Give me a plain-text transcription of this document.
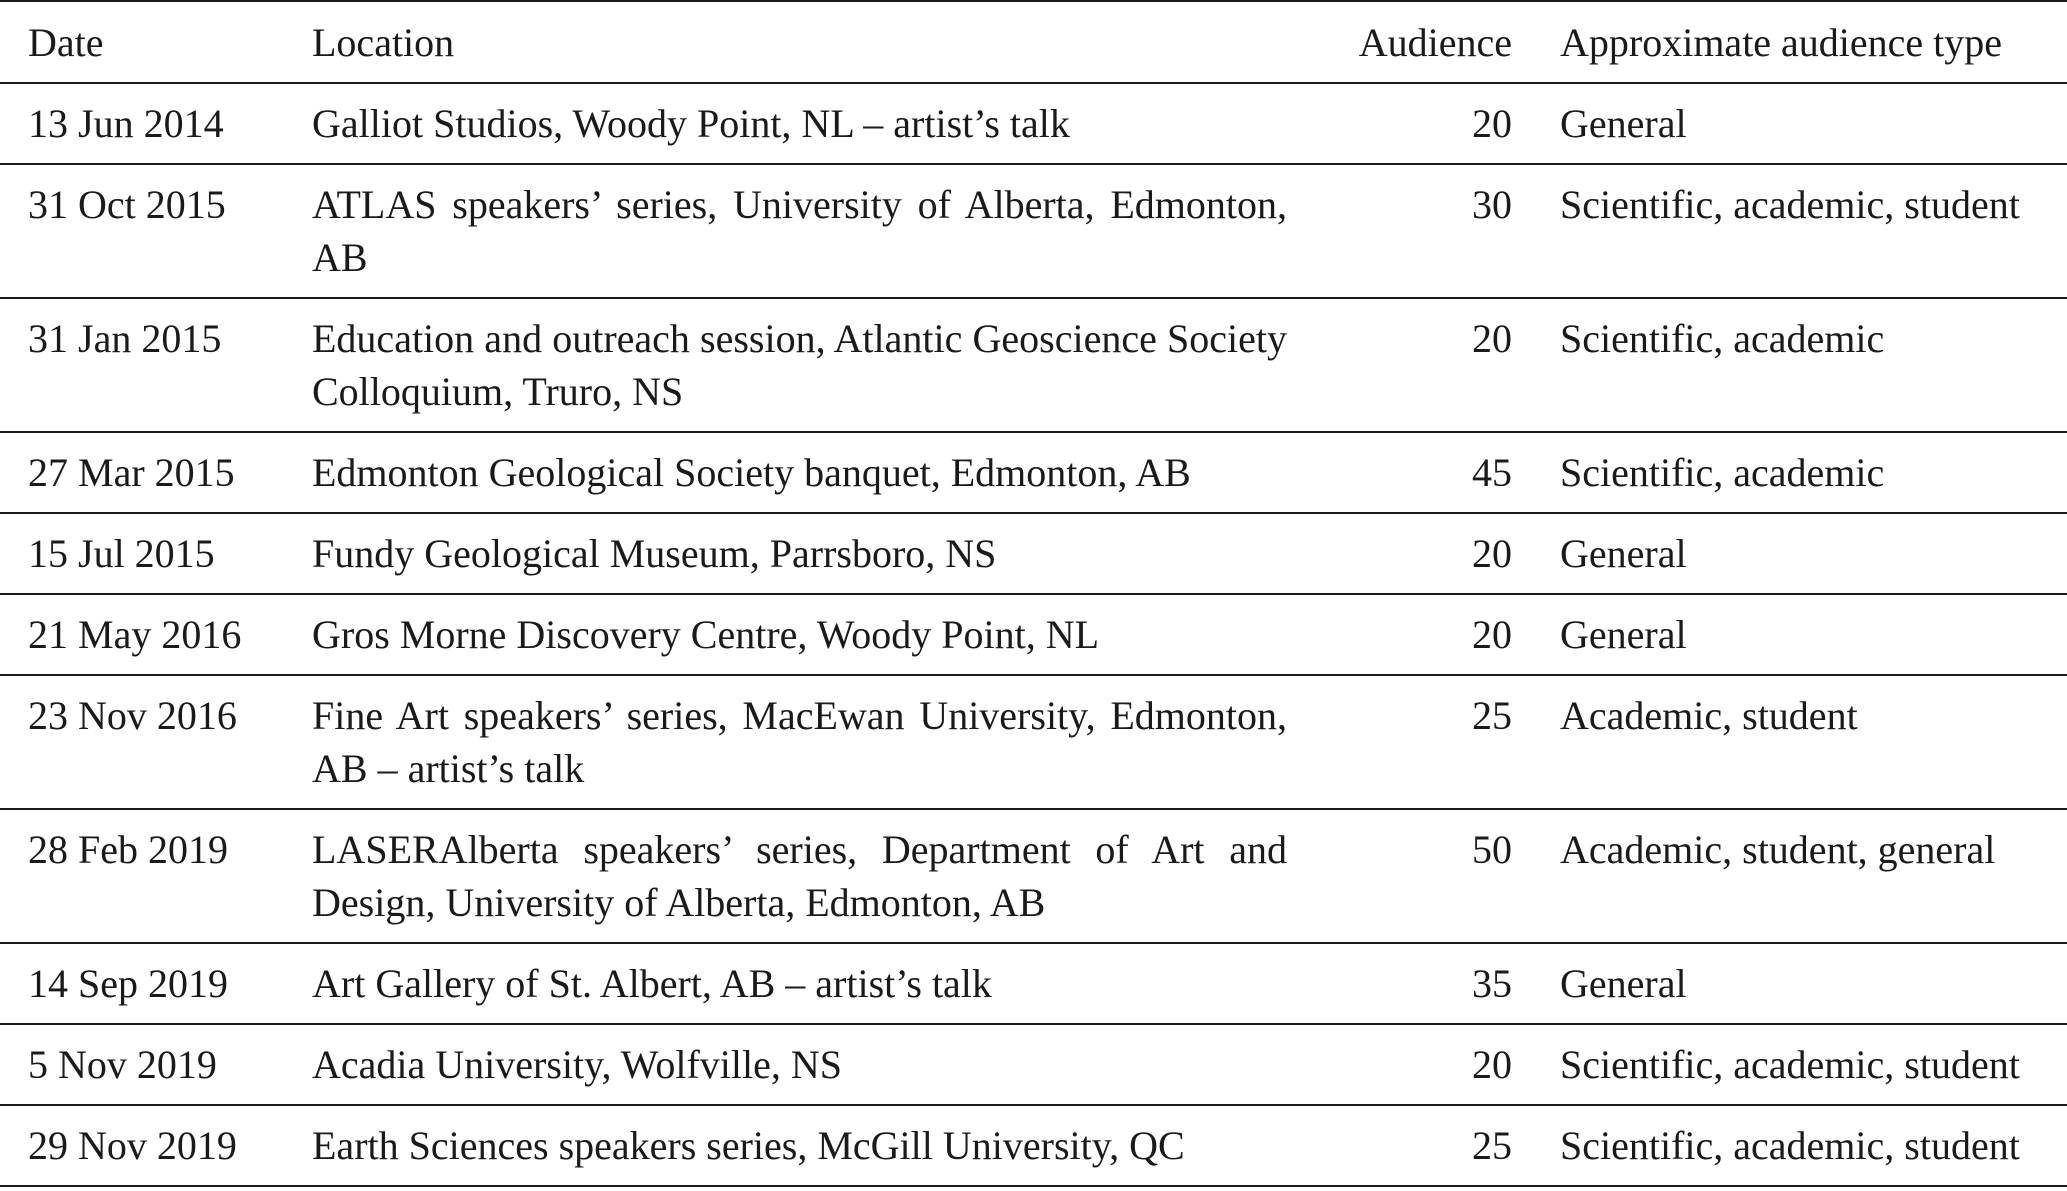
Date	Location	Audience	Approximate audience type
13 Jun 2014	Galliot Studios, Woody Point, NL – artist’s talk	20	General
31 Oct 2015	ATLAS speakers’ series, University of Alberta, Edmonton, AB	30	Scientific, academic, student
31 Jan 2015	Education and outreach session, Atlantic Geoscience Society Colloquium, Truro, NS	20	Scientific, academic
27 Mar 2015	Edmonton Geological Society banquet, Edmonton, AB	45	Scientific, academic
15 Jul 2015	Fundy Geological Museum, Parrsboro, NS	20	General
21 May 2016	Gros Morne Discovery Centre, Woody Point, NL	20	General
23 Nov 2016	Fine Art speakers’ series, MacEwan University, Edmonton, AB – artist’s talk	25	Academic, student
28 Feb 2019	LASERAlberta speakers’ series, Department of Art and Design, University of Alberta, Edmonton, AB	50	Academic, student, general
14 Sep 2019	Art Gallery of St. Albert, AB – artist’s talk	35	General
5 Nov 2019	Acadia University, Wolfville, NS	20	Scientific, academic, student
29 Nov 2019	Earth Sciences speakers series, McGill University, QC	25	Scientific, academic, student
